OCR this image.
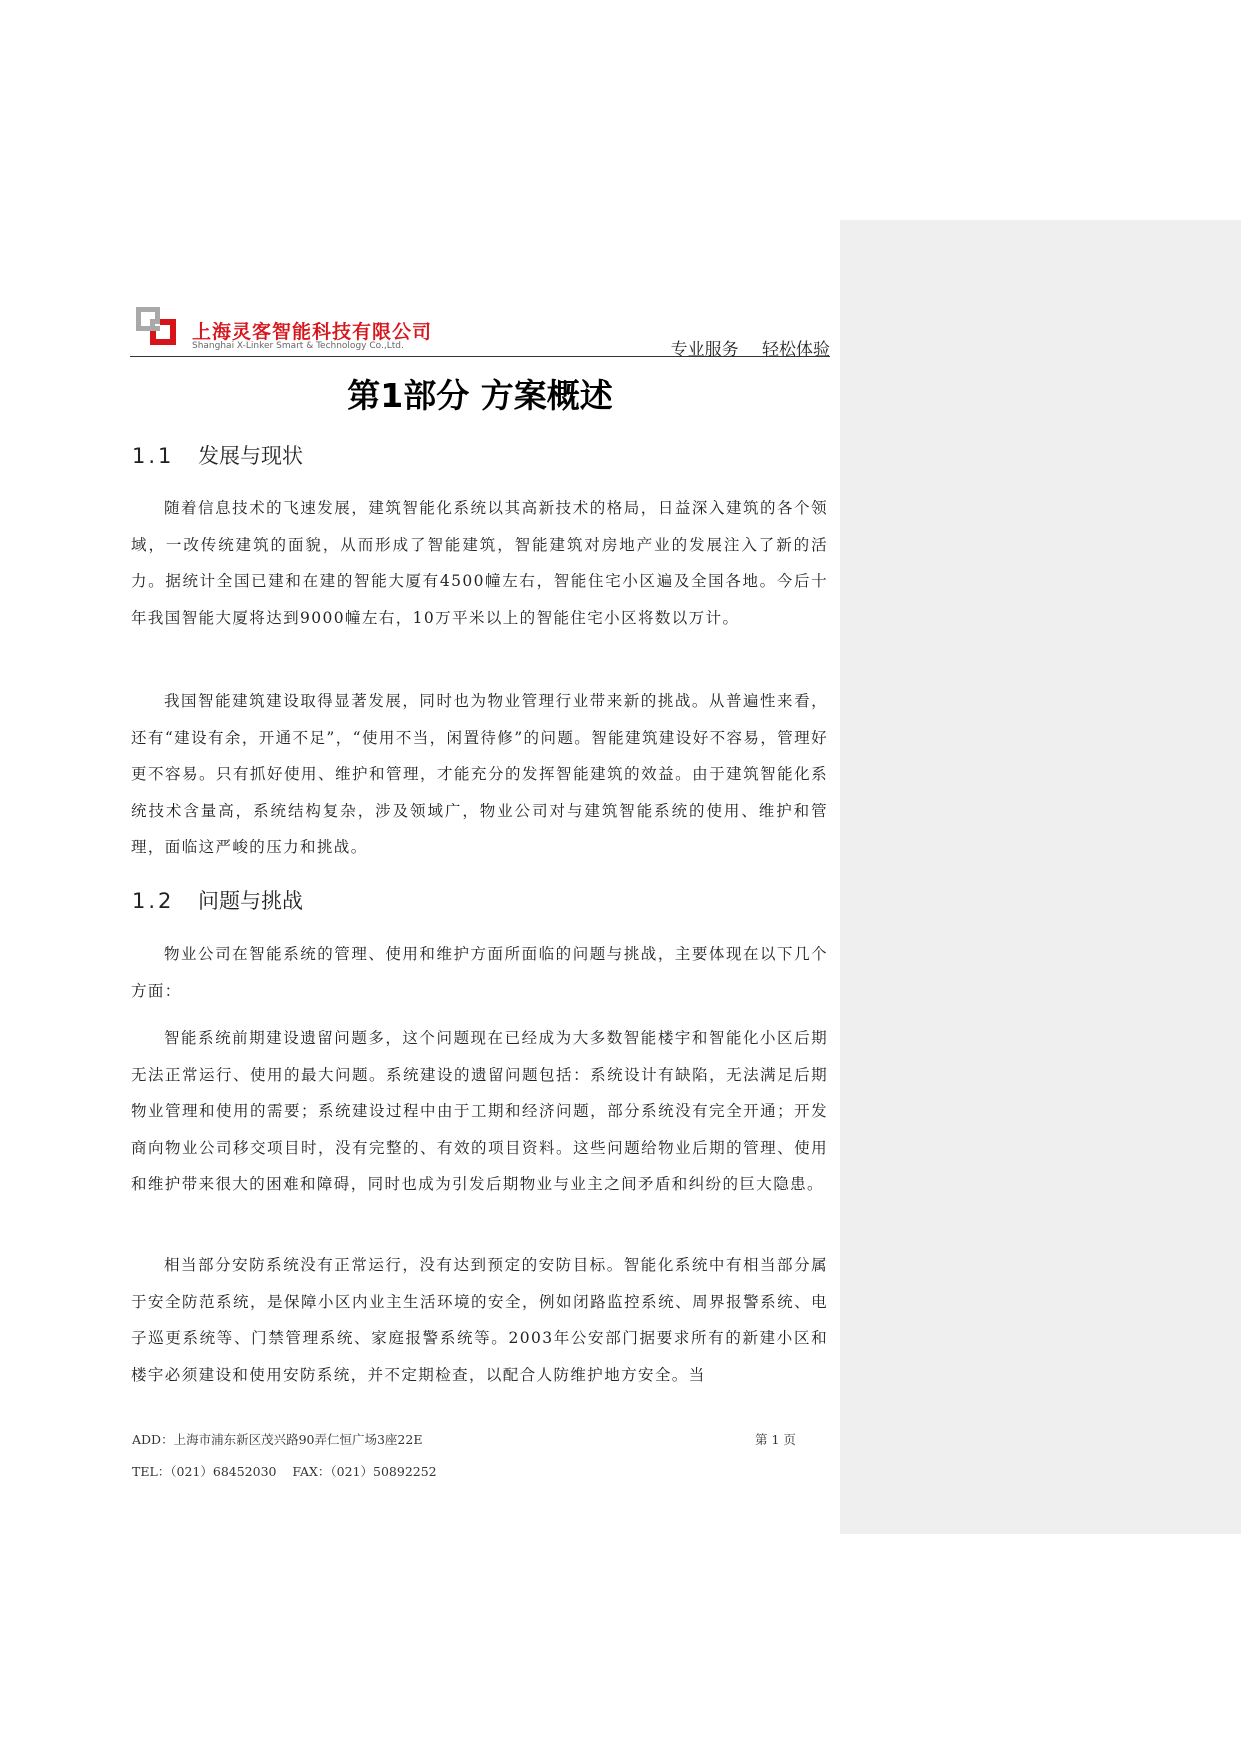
上海灵客智能科技有限公司

Shanghai X-Linker Smart & Technology Co.,Ltd.	专业服务 轻松体验

第1部分 方案概述
1.1 发展与现状

随着信息技术的飞速发展，建筑智能化系统以其高新技术的格局，日益深入建筑的各个领域，一改传统建筑的面貌，从而形成了智能建筑，智能建筑对房地产业的发展注入了新的活力。据统计全国已建和在建的智能大厦有4500幢左右，智能住宅小区遍及全国各地。今后十年我国智能大厦将达到9000幢左右，10万平米以上的智能住宅小区将数以万计。

我国智能建筑建设取得显著发展，同时也为物业管理行业带来新的挑战。从普遍性来看，还有“建设有余，开通不足”，“使用不当，闲置待修”的问题。智能建筑建设好不容易，管理好更不容易。只有抓好使用、维护和管理，才能充分的发挥智能建筑的效益。由于建筑智能化系统技术含量高，系统结构复杂，涉及领域广，物业公司对与建筑智能系统的使用、维护和管理，面临这严峻的压力和挑战。

1.2 问题与挑战

物业公司在智能系统的管理、使用和维护方面所面临的问题与挑战，主要体现在以下几个方面：

智能系统前期建设遗留问题多，这个问题现在已经成为大多数智能楼宇和智能化小区后期无法正常运行、使用的最大问题。系统建设的遗留问题包括：系统设计有缺陷，无法满足后期物业管理和使用的需要；系统建设过程中由于工期和经济问题，部分系统没有完全开通；开发商向物业公司移交项目时，没有完整的、有效的项目资料。这些问题给物业后期的管理、使用和维护带来很大的困难和障碍，同时也成为引发后期物业与业主之间矛盾和纠纷的巨大隐患。

相当部分安防系统没有正常运行，没有达到预定的安防目标。智能化系统中有相当部分属于安全防范系统，是保障小区内业主生活环境的安全，例如闭路监控系统、周界报警系统、电子巡更系统等、门禁管理系统、家庭报警系统等。2003年公安部门据要求所有的新建小区和楼宇必须建设和使用安防系统，并不定期检查，以配合人防维护地方安全。当

ADD：上海市浦东新区茂兴路90弄仁恒广场3座22E

TEL：（021）68452030    FAX：（021）50892252

第 1 页
